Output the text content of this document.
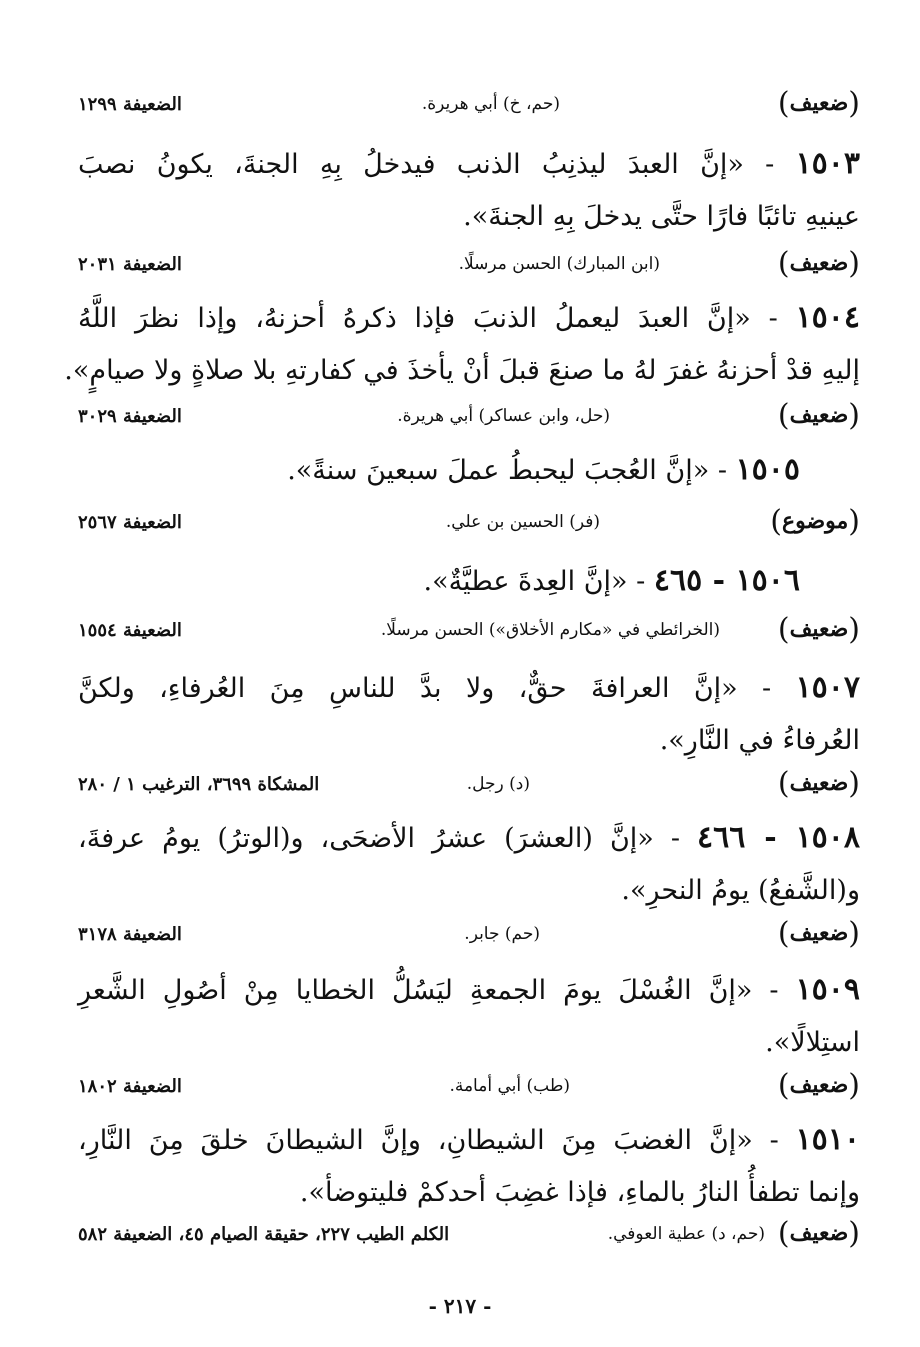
(ضعيف)
(حم، خ) أبي هريرة.
الضعيفة ١٢٩٩
١٥٠٣ - «إنَّ العبدَ ليذنِبُ الذنب فيدخلُ بِهِ الجنةَ، يكونُ نصبَ
عينيهِ تائبًا فارًا حتَّى يدخلَ بِهِ الجنةَ».
(ضعيف)
(ابن المبارك) الحسن مرسلًا.
الضعيفة ٢٠٣١
١٥٠٤ - «إنَّ العبدَ ليعملُ الذنبَ فإذا ذكرهُ أحزنهُ، وإذا نظرَ اللَّهُ
إليهِ قدْ أحزنهُ غفرَ لهُ ما صنعَ قبلَ أنْ يأخذَ في كفارتهِ بلا صلاةٍ ولا صيامٍ».
(ضعيف)
(حل، وابن عساكر) أبي هريرة.
الضعيفة ٣٠٢٩
١٥٠٥ - «إنَّ العُجبَ ليحبطُ عملَ سبعينَ سنةً».
(موضوع)
(فر) الحسين بن علي.
الضعيفة ٢٥٦٧
١٥٠٦ - ٤٦٥ - «إنَّ العِدةَ عطيَّةٌ».
(ضعيف)
(الخرائطي في «مكارم الأخلاق») الحسن مرسلًا.
الضعيفة ١٥٥٤
١٥٠٧ - «إنَّ العرافةَ حقٌّ، ولا بدَّ للناسِ مِنَ العُرفاءِ، ولكنَّ
العُرفاءُ في النَّارِ».
(ضعيف)
(د) رجل.
المشكاة ٣٦٩٩، الترغيب ١ / ٢٨٠
١٥٠٨ - ٤٦٦ - «إنَّ (العشرَ) عشرُ الأضحَى، و(الوترُ) يومُ عرفةَ،
و(الشَّفعُ) يومُ النحرِ».
(ضعيف)
(حم) جابر.
الضعيفة ٣١٧٨
١٥٠٩ - «إنَّ الغُسْلَ يومَ الجمعةِ ليَسُلُّ الخطايا مِنْ أصُولِ الشَّعرِ
استِلالًا».
(ضعيف)
(طب) أبي أمامة.
الضعيفة ١٨٠٢
١٥١٠ - «إنَّ الغضبَ مِنَ الشيطانِ، وإنَّ الشيطانَ خلقَ مِنَ النَّارِ،
وإنما تطفأُ النارُ بالماءِ، فإذا غضِبَ أحدكمْ فليتوضأ».
(ضعيف)
(حم، د) عطية العوفي.
الكلم الطيب ٢٢٧، حقيقة الصيام ٤٥، الضعيفة ٥٨٢
- ٢١٧ -
